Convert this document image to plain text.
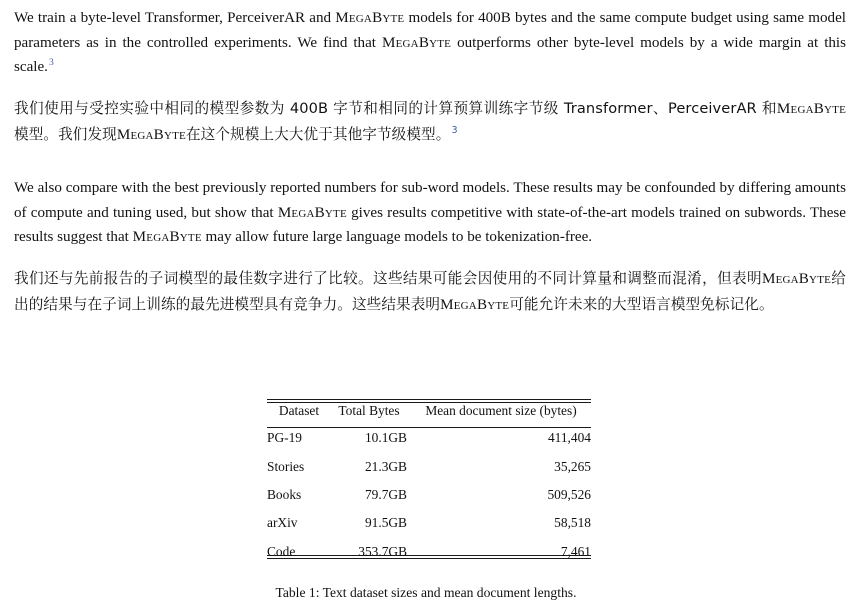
We train a byte-level Transformer, PerceiverAR and MegaByte models for 400B bytes and the same compute budget using same model parameters as in the controlled experiments. We find that MegaByte outperforms other byte-level models by a wide margin at this scale.$^3$
我们使用与受控实验中相同的模型参数为 400B 字节和相同的计算预算训练字节级 Transformer、PerceiverAR 和MegaByte模型。我们发现MegaByte在这个规模上大大优于其他字节级模型。$^3$
We also compare with the best previously reported numbers for sub-word models. These results may be confounded by differing amounts of compute and tuning used, but show that MegaByte gives results competitive with state-of-the-art models trained on subwords. These results suggest that MegaByte may allow future large language models to be tokenization-free.
我们还与先前报告的子词模型的最佳数字进行了比较。这些结果可能会因使用的不同计算量和调整而混淆，但表明MegaByte给出的结果与在子词上训练的最先进模型具有竞争力。这些结果表明MegaByte可能允许未来的大型语言模型免标记化。
Dataset	Total Bytes	Mean document size (bytes)
PG-19	10.1GB	411,404
Stories	21.3GB	35,265
Books	79.7GB	509,526
arXiv	91.5GB	58,518
Code	353.7GB	7,461
Table 1: Text dataset sizes and mean document lengths.
